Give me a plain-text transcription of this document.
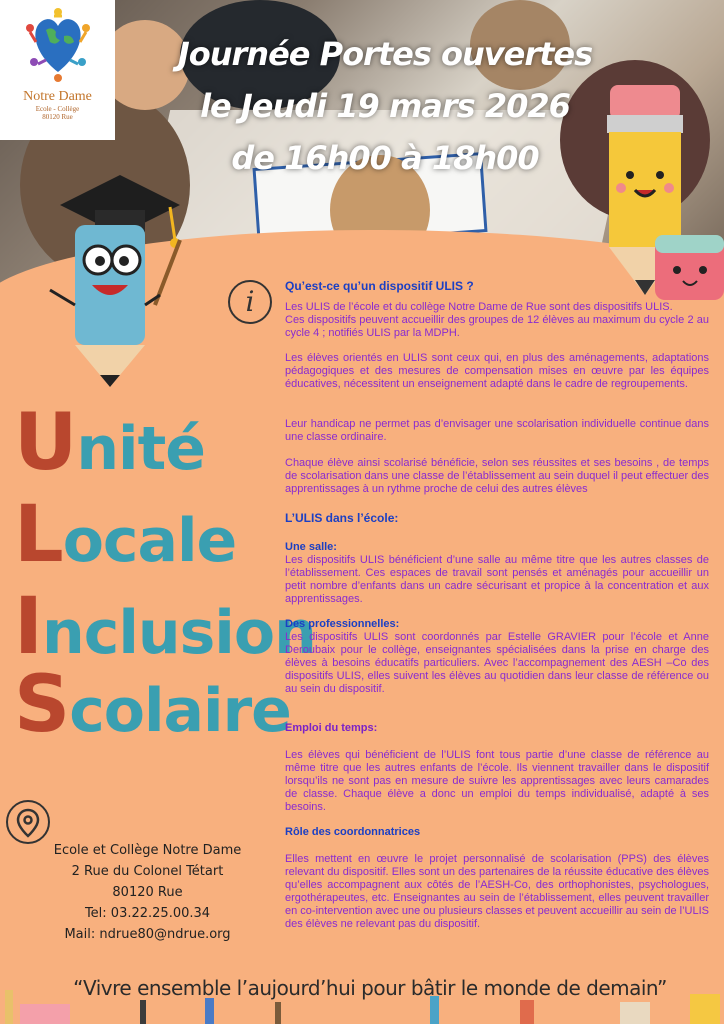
Notre Dame
Ecole - Collège
80120 Rue
Journée Portes ouvertes
le Jeudi 19 mars 2026
de 16h00 à 18h00
Unité
Locale
Inclusion
Scolaire
i	Qu’est-ce qu’un dispositif ULIS ?

Les ULIS de l’école et du collège Notre Dame de Rue sont des dispositifs ULIS.

Ces dispositifs peuvent accueillir des groupes de 12 élèves au maximum du cycle 2 au cycle 4 ; notifiés ULIS par la MDPH.

Les élèves orientés en ULIS sont ceux qui, en plus des aménagements, adaptations pédagogiques et des mesures de compensation mises en œuvre par les équipes éducatives, nécessitent un enseignement adapté dans le cadre de regroupements.

Leur handicap ne permet pas d’envisager une scolarisation individuelle continue dans une classe ordinaire.

Chaque élève ainsi scolarisé bénéficie, selon ses réussites et ses besoins , de temps de scolarisation dans une classe de l’établissement au sein duquel il peut effectuer des apprentissages à un rythme proche de celui des autres élèves

L’ULIS dans l’école:
Une salle:

Les dispositifs ULIS bénéficient d’une salle au même titre que les autres classes de l’établissement. Ces espaces de travail sont pensés et aménagés pour accueillir un petit nombre d’enfants dans un cadre sécurisant et propice à la concentration et aux apprentissages.

Des professionnelles:

Les dispositifs ULIS sont coordonnés par Estelle GRAVIER pour l’école et Anne Deroubaix pour le collège, enseignantes spécialisées dans la prise en charge des élèves à besoins éducatifs particuliers. Avec l’accompagnement des AESH –Co des dispositifs ULIS, elles suivent les élèves au quotidien dans leur classe de référence ou au sein du dispositif.

Emploi du temps:

Les élèves qui bénéficient de l’ULIS font tous partie d’une classe de référence au même titre que les autres enfants de l’école. Ils viennent travailler dans le dispositif lorsqu’ils ne sont pas en mesure de suivre les apprentissages avec leurs camarades de classe. Chaque élève a donc un emploi du temps individualisé, adapté à ses besoins.

Rôle des coordonnatrices

Elles mettent en œuvre le projet personnalisé de scolarisation (PPS) des élèves relevant du dispositif. Elles sont un des partenaires de la réussite éducative des élèves qu’elles accompagnent aux côtés de l’AESH-Co, des orthophonistes, psychologues, ergothérapeutes, etc. Enseignantes au sein de l’établissement, elles peuvent travailler en co-intervention avec une ou plusieurs classes et peuvent accueillir au sein de l’ULIS des élèves ne relevant pas du dispositif.

Ecole et Collège Notre Dame
2 Rue du Colonel Tétart
80120 Rue
Tel: 03.22.25.00.34
Mail: ndrue80@ndrue.org
“Vivre ensemble l’aujourd’hui pour bâtir le monde de demain”
